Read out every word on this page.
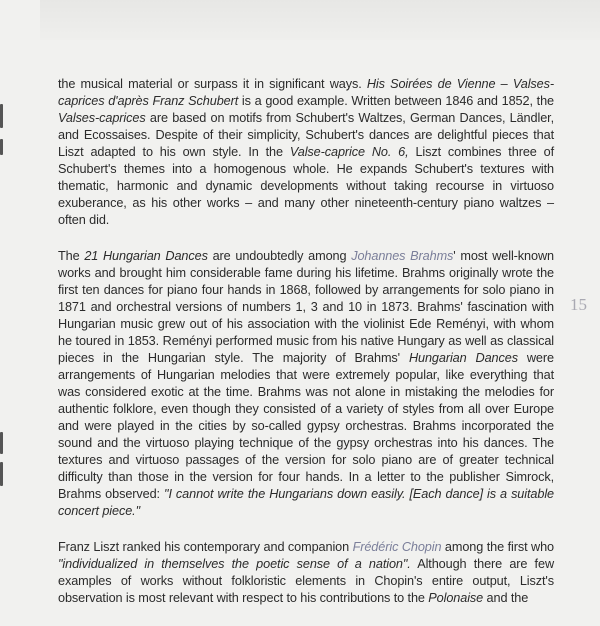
the musical material or surpass it in significant ways. His Soirées de Vienne – Valses-caprices d'après Franz Schubert is a good example. Written between 1846 and 1852, the Valses-caprices are based on motifs from Schubert's Waltzes, German Dances, Ländler, and Ecossaises. Despite of their simplicity, Schubert's dances are delightful pieces that Liszt adapted to his own style. In the Valse-caprice No. 6, Liszt combines three of Schubert's themes into a homogenous whole. He expands Schubert's textures with thematic, harmonic and dynamic developments without taking recourse in virtuoso exuberance, as his other works – and many other nineteenth-century piano waltzes – often did.

The 21 Hungarian Dances are undoubtedly among Johannes Brahms' most well-known works and brought him considerable fame during his lifetime. Brahms originally wrote the first ten dances for piano four hands in 1868, followed by arrangements for solo piano in 1871 and orchestral versions of numbers 1, 3 and 10 in 1873. Brahms' fascination with Hungarian music grew out of his association with the violinist Ede Reményi, with whom he toured in 1853. Reményi performed music from his native Hungary as well as classical pieces in the Hungarian style. The majority of Brahms' Hungarian Dances were arrangements of Hungarian melodies that were extremely popular, like everything that was considered exotic at the time. Brahms was not alone in mistaking the melodies for authentic folklore, even though they consisted of a variety of styles from all over Europe and were played in the cities by so-called gypsy orchestras. Brahms incorporated the sound and the virtuoso playing technique of the gypsy orchestras into his dances. The textures and virtuoso passages of the version for solo piano are of greater technical difficulty than those in the version for four hands. In a letter to the publisher Simrock, Brahms observed: "I cannot write the Hungarians down easily. [Each dance] is a suitable concert piece."

Franz Liszt ranked his contemporary and companion Frédéric Chopin among the first who "individualized in themselves the poetic sense of a nation". Although there are few examples of works without folkloristic elements in Chopin's entire output, Liszt's observation is most relevant with respect to his contributions to the Polonaise and the

15
